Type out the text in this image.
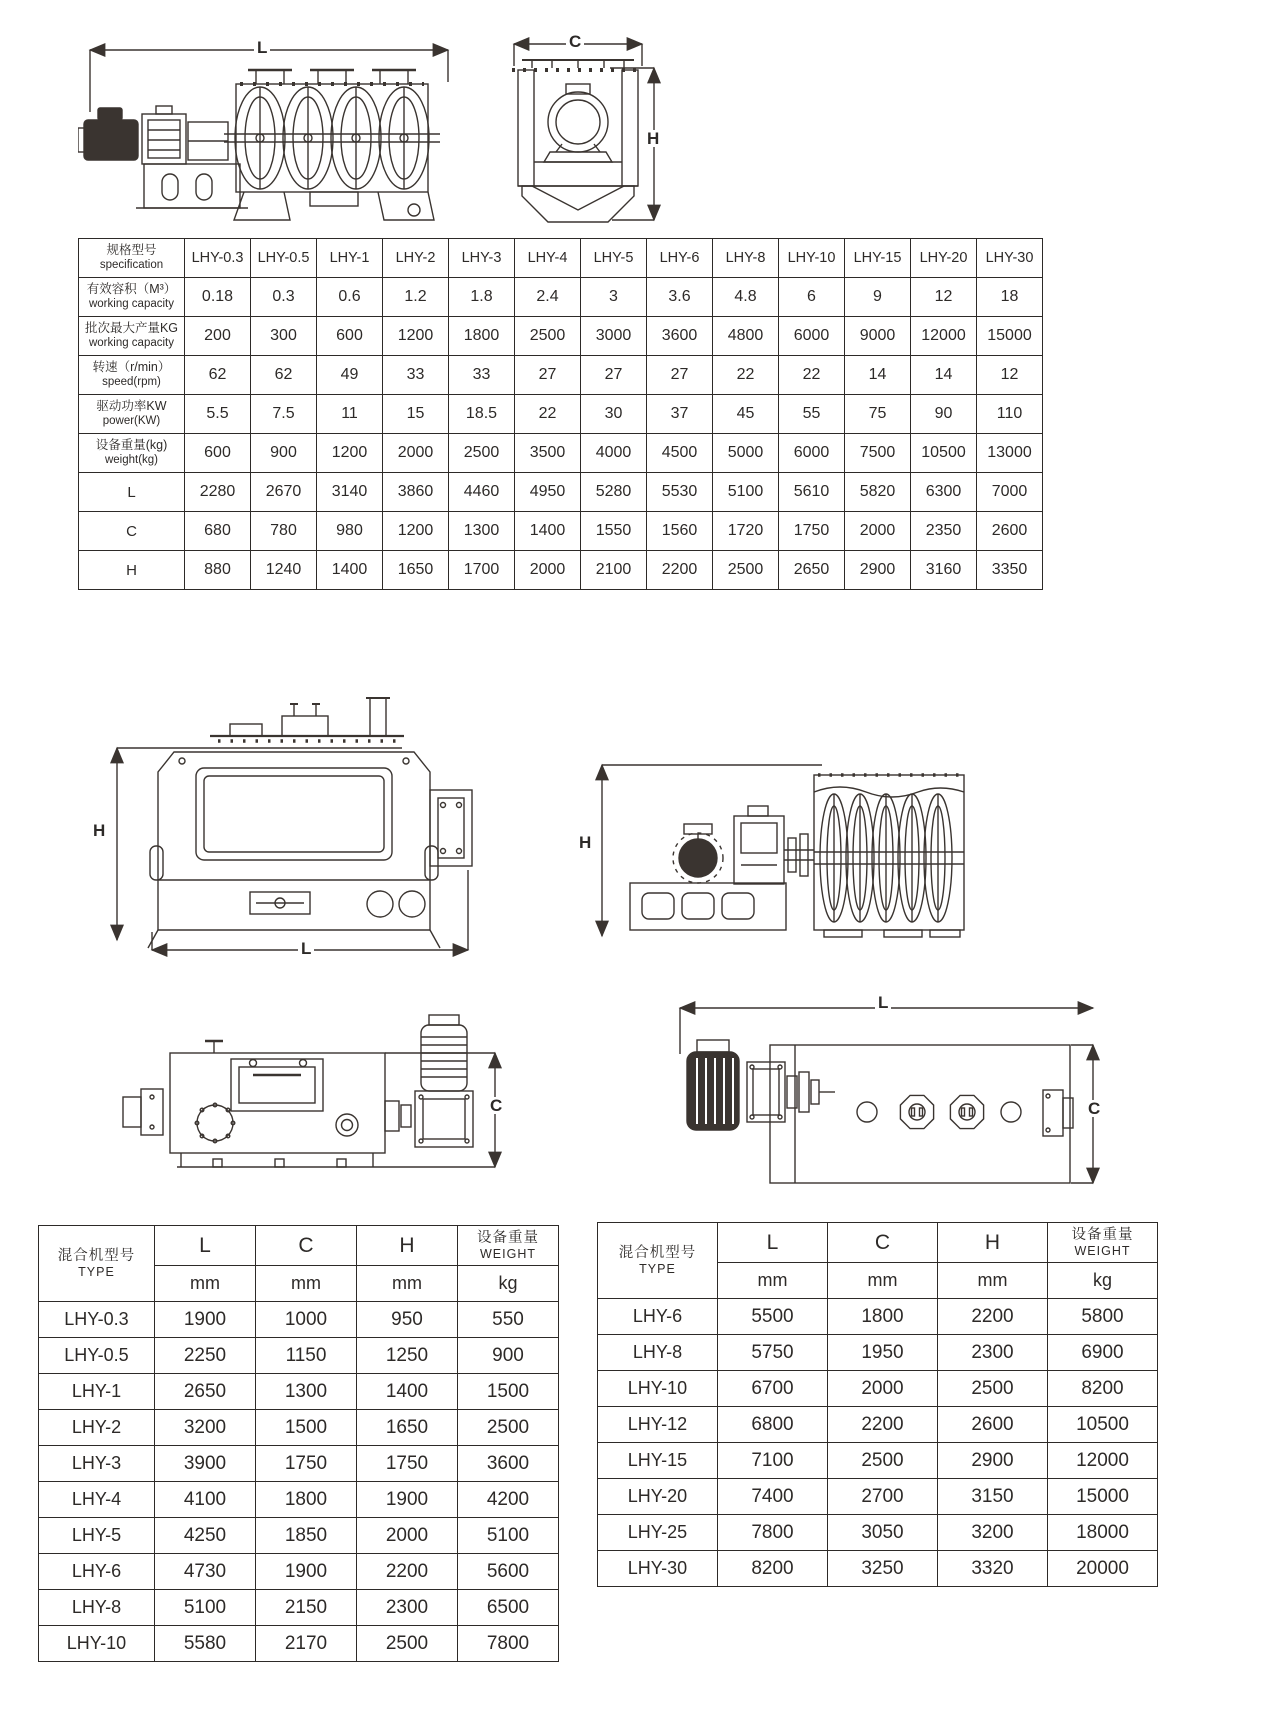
L	C
H
规格型号
specification	LHY-0.3	LHY-0.5	LHY-1	LHY-2	LHY-3	LHY-4	LHY-5	LHY-6	LHY-8	LHY-10	LHY-15	LHY-20	LHY-30

有效容积（M³）
working capacity	0.18	0.3	0.6	1.2	1.8	2.4	3	3.6	4.8	6	9	12	18

批次最大产量KG
working capacity	200	300	600	1200	1800	2500	3000	3600	4800	6000	9000	12000	15000

转速（r/min）
speed(rpm)	62	62	49	33	33	27	27	27	22	22	14	14	12

驱动功率KW
power(KW)	5.5	7.5	11	15	18.5	22	30	37	45	55	75	90	110

设备重量(kg)
weight(kg)	600	900	1200	2000	2500	3500	4000	4500	5000	6000	7500	10500	13000
L	2280	2670	3140	3860	4460	4950	5280	5530	5100	5610	5820	6300	7000
C	680	780	980	1200	1300	1400	1550	1560	1720	1750	2000	2350	2600
H	880	1240	1400	1650	1700	2000	2100	2200	2500	2650	2900	3160	3350
H
L
H
C
L
C
混合机型号
TYPE
	L	C	H	设备重量
WEIGHT

	mm	mm	mm	kg
LHY-0.3	1900	1000	950	550
LHY-0.5	2250	1150	1250	900
LHY-1	2650	1300	1400	1500
LHY-2	3200	1500	1650	2500
LHY-3	3900	1750	1750	3600
LHY-4	4100	1800	1900	4200
LHY-5	4250	1850	2000	5100
LHY-6	4730	1900	2200	5600
LHY-8	5100	2150	2300	6500
LHY-10	5580	2170	2500	7800
混合机型号
TYPE
	L	C	H	设备重量
WEIGHT

	mm	mm	mm	kg
LHY-6	5500	1800	2200	5800
LHY-8	5750	1950	2300	6900
LHY-10	6700	2000	2500	8200
LHY-12	6800	2200	2600	10500
LHY-15	7100	2500	2900	12000
LHY-20	7400	2700	3150	15000
LHY-25	7800	3050	3200	18000
LHY-30	8200	3250	3320	20000
